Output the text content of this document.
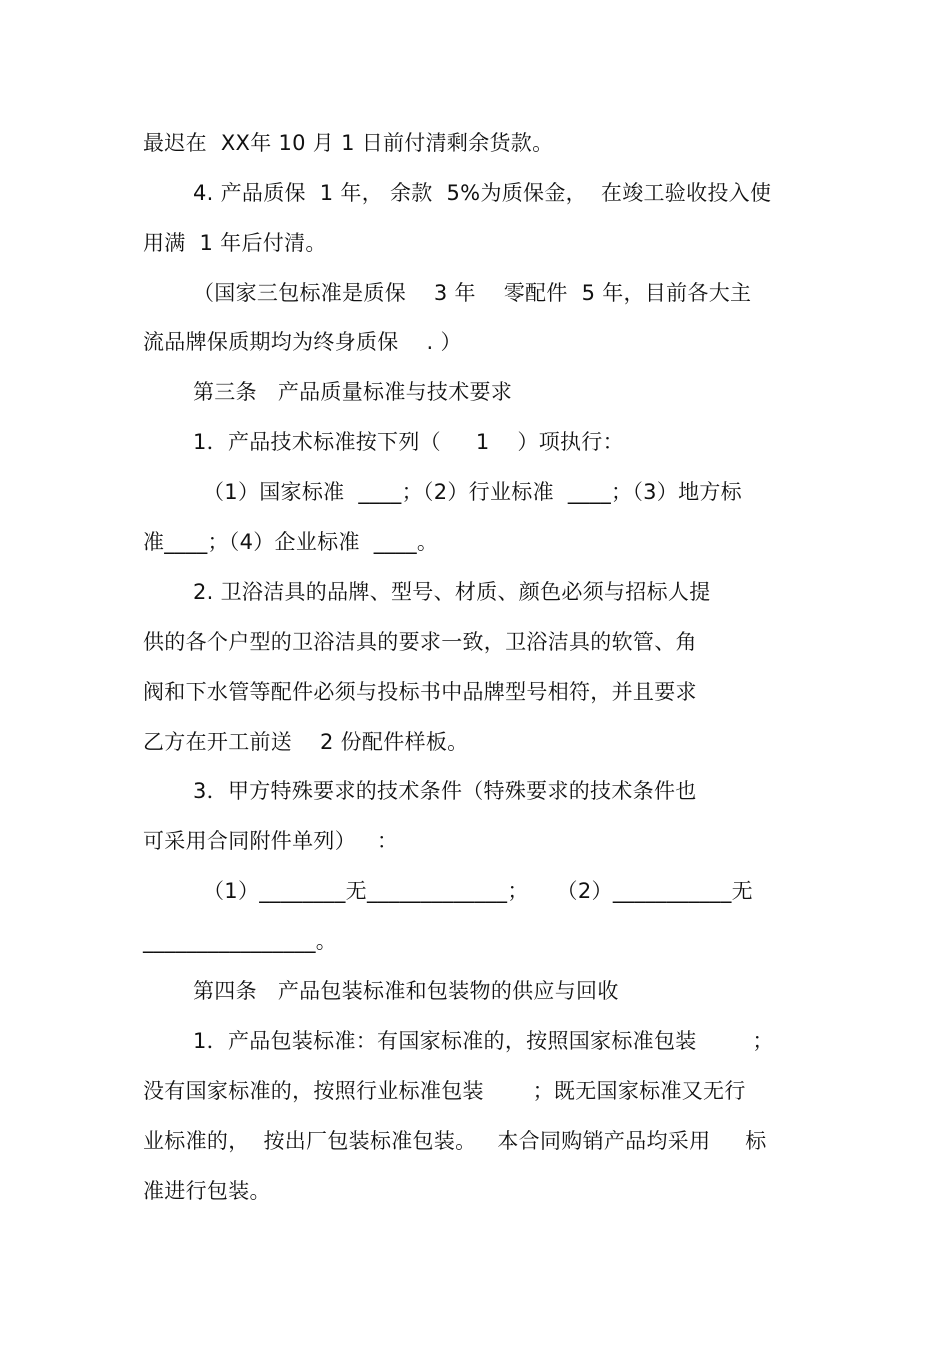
最迟在  XX年 10 月 1 日前付清剩余货款。
4. 产品质保  1 年， 余款  5%为质保金，  在竣工验收投入使
用满  1 年后付清。
（国家三包标准是质保    3 年    零配件  5 年，目前各大主
流品牌保质期均为终身质保    . ）
第三条   产品质量标准与技术要求
1．产品技术标准按下列（     1    ）项执行：
（1）国家标准  ____；（2）行业标准  ____；（3）地方标
准____；（4）企业标准  ____。
2. 卫浴洁具的品牌、型号、材质、颜色必须与招标人提
供的各个户型的卫浴洁具的要求一致，卫浴洁具的软管、角
阀和下水管等配件必须与投标书中品牌型号相符，并且要求
乙方在开工前送    2 份配件样板。
3．甲方特殊要求的技术条件（特殊要求的技术条件也
可采用合同附件单列）   ：
（1）________无_____________；    （2）___________无
________________。
第四条   产品包装标准和包装物的供应与回收
1．产品包装标准：有国家标准的，按照国家标准包装        ；
没有国家标准的，按照行业标准包装       ；既无国家标准又无行
业标准的，  按出厂包装标准包装。   本合同购销产品均采用     标
准进行包装。
